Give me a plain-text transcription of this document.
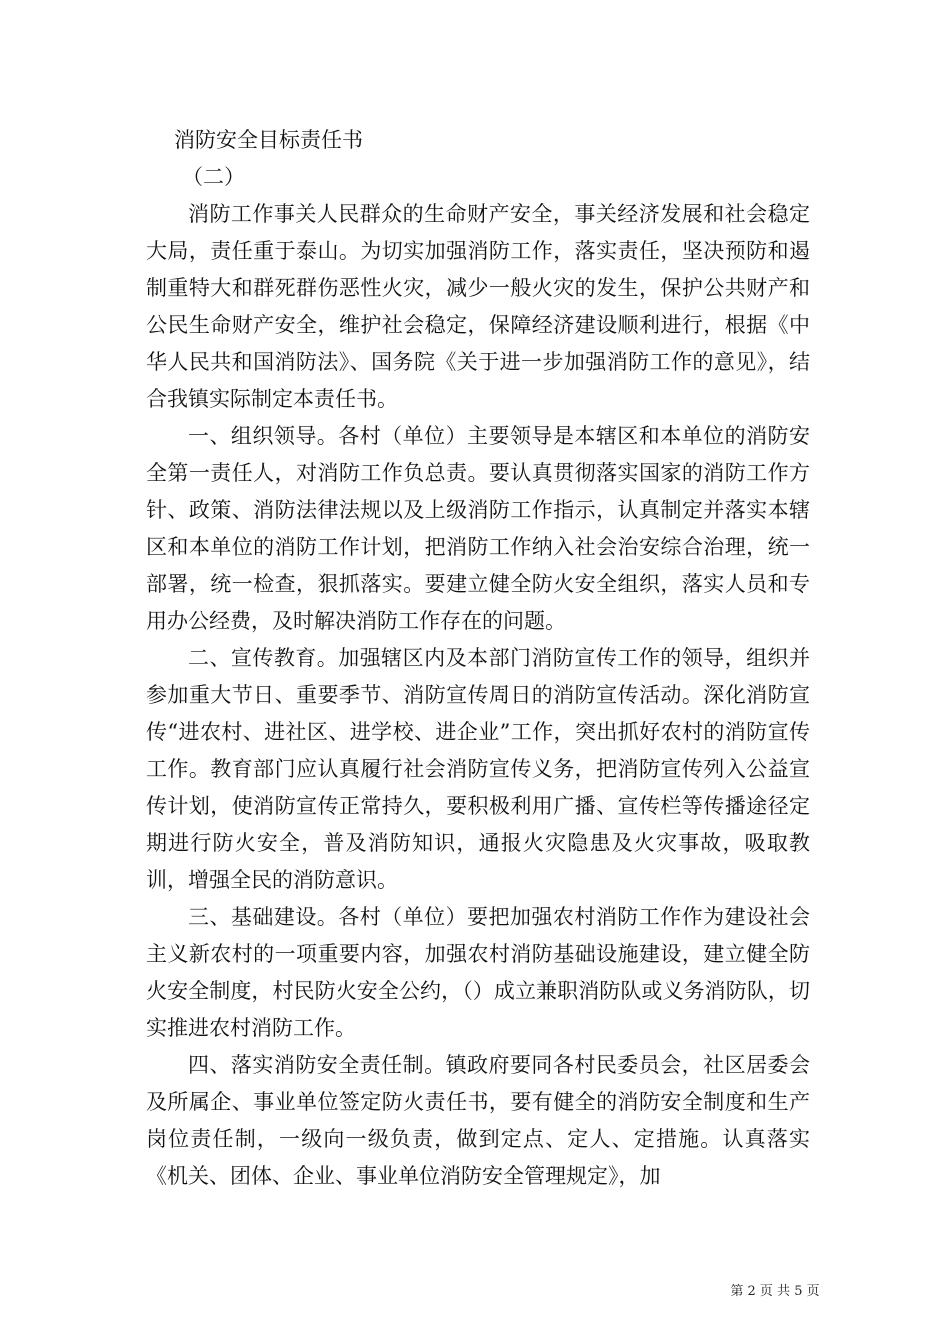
消防安全目标责任书

（二）

消防工作事关人民群众的生命财产安全，事关经济发展和社会稳定大局，责任重于泰山。为切实加强消防工作，落实责任，坚决预防和遏制重特大和群死群伤恶性火灾，减少一般火灾的发生，保护公共财产和公民生命财产安全，维护社会稳定，保障经济建设顺利进行，根据《中华人民共和国消防法》、国务院《关于进一步加强消防工作的意见》，结合我镇实际制定本责任书。

一、组织领导。各村（单位）主要领导是本辖区和本单位的消防安全第一责任人，对消防工作负总责。要认真贯彻落实国家的消防工作方针、政策、消防法律法规以及上级消防工作指示，认真制定并落实本辖区和本单位的消防工作计划，把消防工作纳入社会治安综合治理，统一部署，统一检查，狠抓落实。要建立健全防火安全组织，落实人员和专用办公经费，及时解决消防工作存在的问题。

二、宣传教育。加强辖区内及本部门消防宣传工作的领导，组织并参加重大节日、重要季节、消防宣传周日的消防宣传活动。深化消防宣传“进农村、进社区、进学校、进企业”工作，突出抓好农村的消防宣传工作。教育部门应认真履行社会消防宣传义务，把消防宣传列入公益宣传计划，使消防宣传正常持久，要积极利用广播、宣传栏等传播途径定期进行防火安全，普及消防知识，通报火灾隐患及火灾事故，吸取教训，增强全民的消防意识。

三、基础建设。各村（单位）要把加强农村消防工作作为建设社会主义新农村的一项重要内容，加强农村消防基础设施建设，建立健全防火安全制度，村民防火安全公约，（）成立兼职消防队或义务消防队，切实推进农村消防工作。

四、落实消防安全责任制。镇政府要同各村民委员会，社区居委会及所属企、事业单位签定防火责任书，要有健全的消防安全制度和生产岗位责任制，一级向一级负责，做到定点、定人、定措施。认真落实《机关、团体、企业、事业单位消防安全管理规定》，加

第 2 页 共 5 页
